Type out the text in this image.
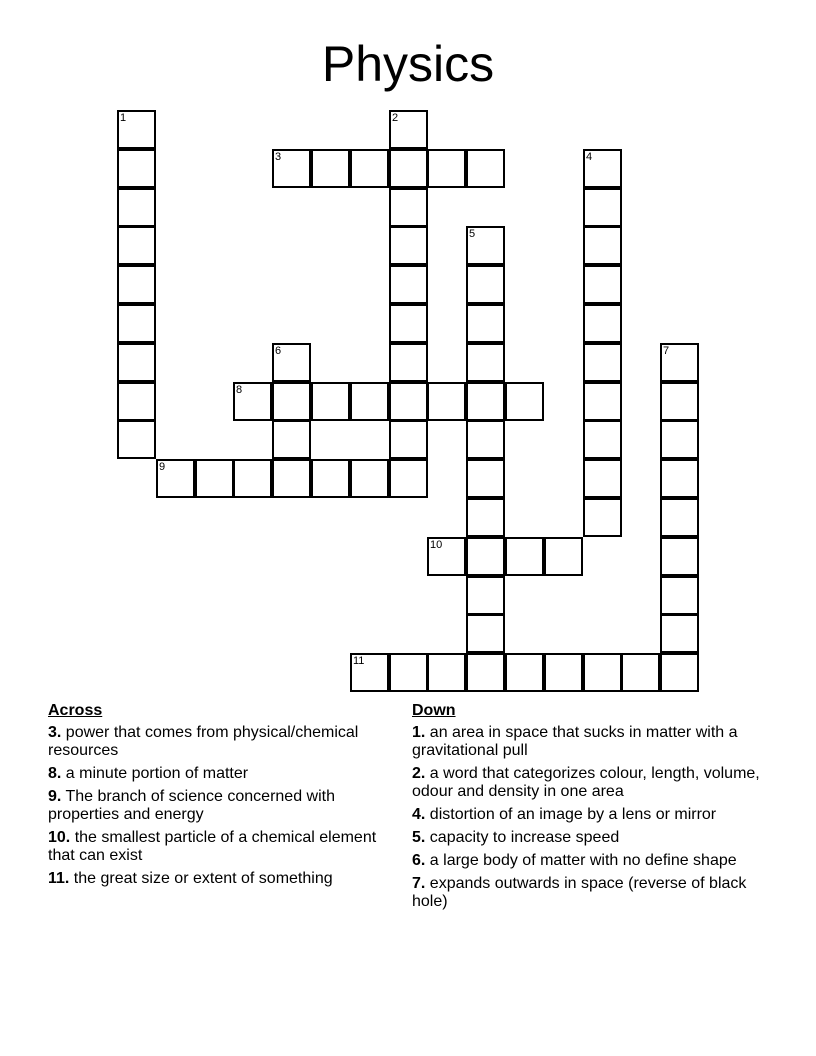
Physics
1	2
3	4
5
6	7
8
9
10
11
Across
3. power that comes from physical/chemical resources
8. a minute portion of matter
9. The branch of science concerned with properties and energy
10. the smallest particle of a chemical element that can exist
11. the great size or extent of something
Down
1. an area in space that sucks in matter with a gravitational pull
2. a word that categorizes colour, length, volume, odour and density in one area
4. distortion of an image by a lens or mirror
5. capacity to increase speed
6. a large body of matter with no define shape
7. expands outwards in space (reverse of black hole)
